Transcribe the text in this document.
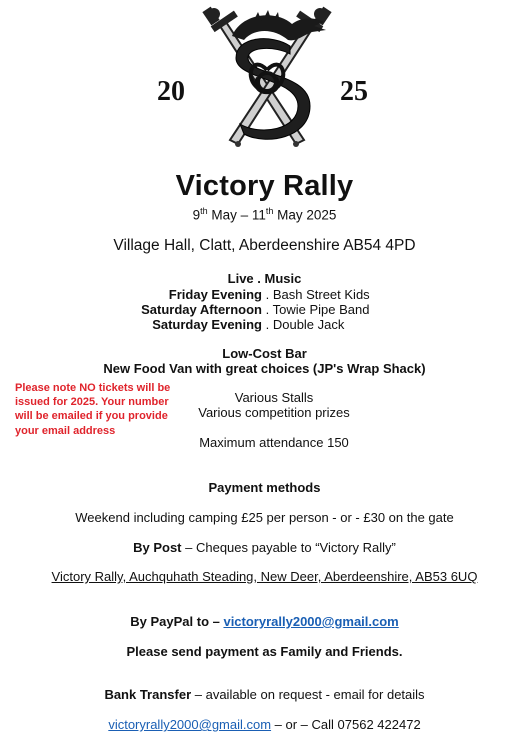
20	25
Victory Rally
9th May – 11th May 2025
Village Hall, Clatt, Aberdeenshire AB54 4PD
Live . Music
Friday Evening . Bash Street Kids
Saturday Afternoon . Towie Pipe Band
Saturday Evening . Double Jack
Low-Cost Bar
New Food Van with great choices (JP's Wrap Shack)
Please note NO tickets will be issued for 2025. Your number will be emailed if you provide your email address
Various Stalls
Various competition prizes
Maximum attendance 150
Payment methods
Weekend including camping £25 per person - or - £30 on the gate
By Post – Cheques payable to “Victory Rally”
Victory Rally, Auchquhath Steading, New Deer, Aberdeenshire, AB53 6UQ
By PayPal to – victoryrally2000@gmail.com
Please send payment as Family and Friends.
Bank Transfer – available on request - email for details
victoryrally2000@gmail.com – or – Call 07562 422472
